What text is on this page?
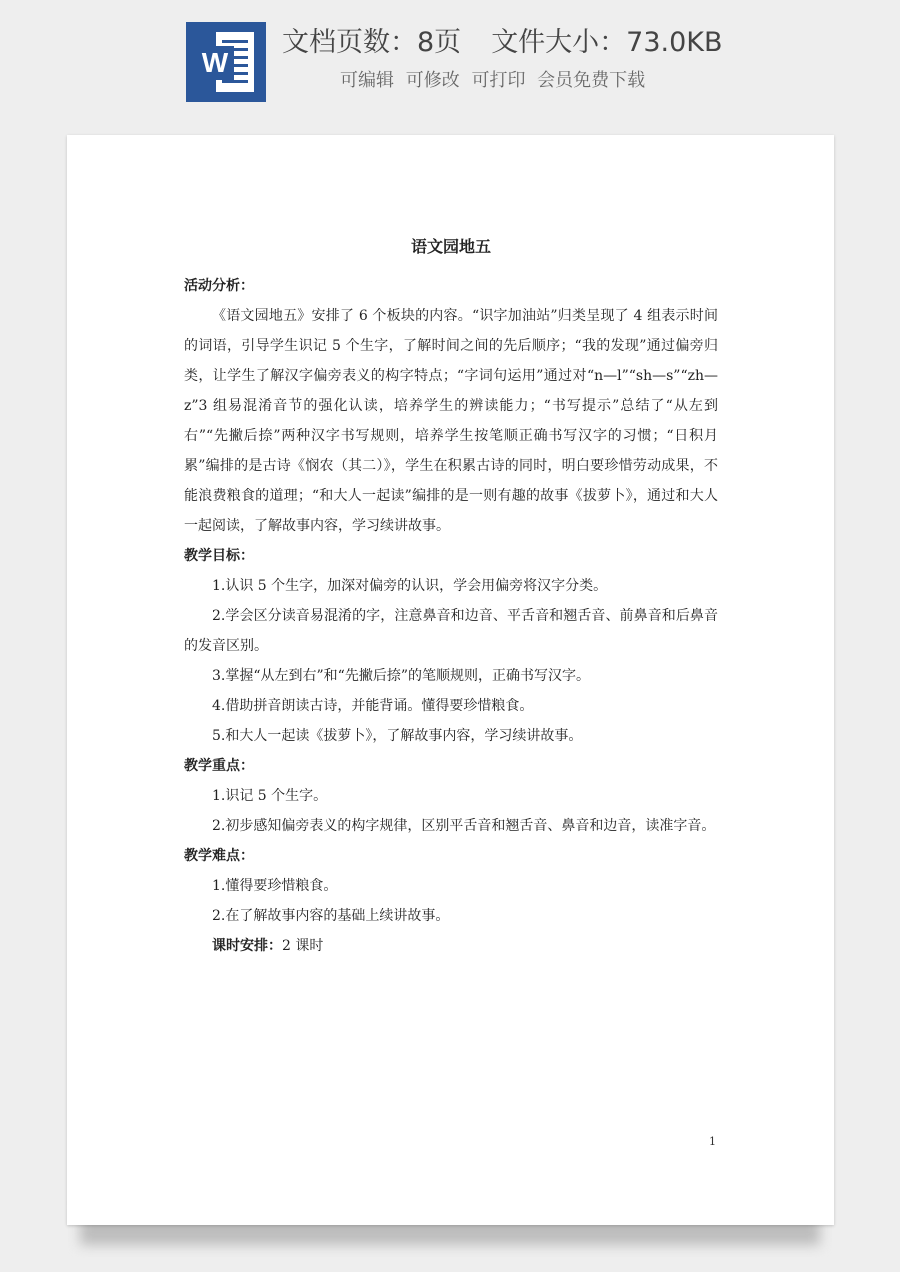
W
文档页数：8页 文件大小：73.0KB
可编辑 可修改 可打印 会员免费下载
语文园地五

活动分析：

《语文园地五》安排了 6 个板块的内容。“识字加油站”归类呈现了 4 组表示时间的词语，引导学生识记 5 个生字，了解时间之间的先后顺序；“我的发现”通过偏旁归类，让学生了解汉字偏旁表义的构字特点；“字词句运用”通过对“n—l”“sh—s”“zh—z”3 组易混淆音节的强化认读，培养学生的辨读能力；“书写提示”总结了“从左到右”“先撇后捺”两种汉字书写规则，培养学生按笔顺正确书写汉字的习惯；“日积月累”编排的是古诗《悯农（其二）》，学生在积累古诗的同时，明白要珍惜劳动成果，不能浪费粮食的道理；“和大人一起读”编排的是一则有趣的故事《拔萝卜》，通过和大人一起阅读，了解故事内容，学习续讲故事。

教学目标：

1.认识 5 个生字，加深对偏旁的认识，学会用偏旁将汉字分类。

2.学会区分读音易混淆的字，注意鼻音和边音、平舌音和翘舌音、前鼻音和后鼻音的发音区别。

3.掌握“从左到右”和“先撇后捺”的笔顺规则，正确书写汉字。

4.借助拼音朗读古诗，并能背诵。懂得要珍惜粮食。

5.和大人一起读《拔萝卜》，了解故事内容，学习续讲故事。

教学重点：

1.识记 5 个生字。

2.初步感知偏旁表义的构字规律，区别平舌音和翘舌音、鼻音和边音，读准字音。

教学难点：

1.懂得要珍惜粮食。

2.在了解故事内容的基础上续讲故事。

课时安排：2 课时

1
